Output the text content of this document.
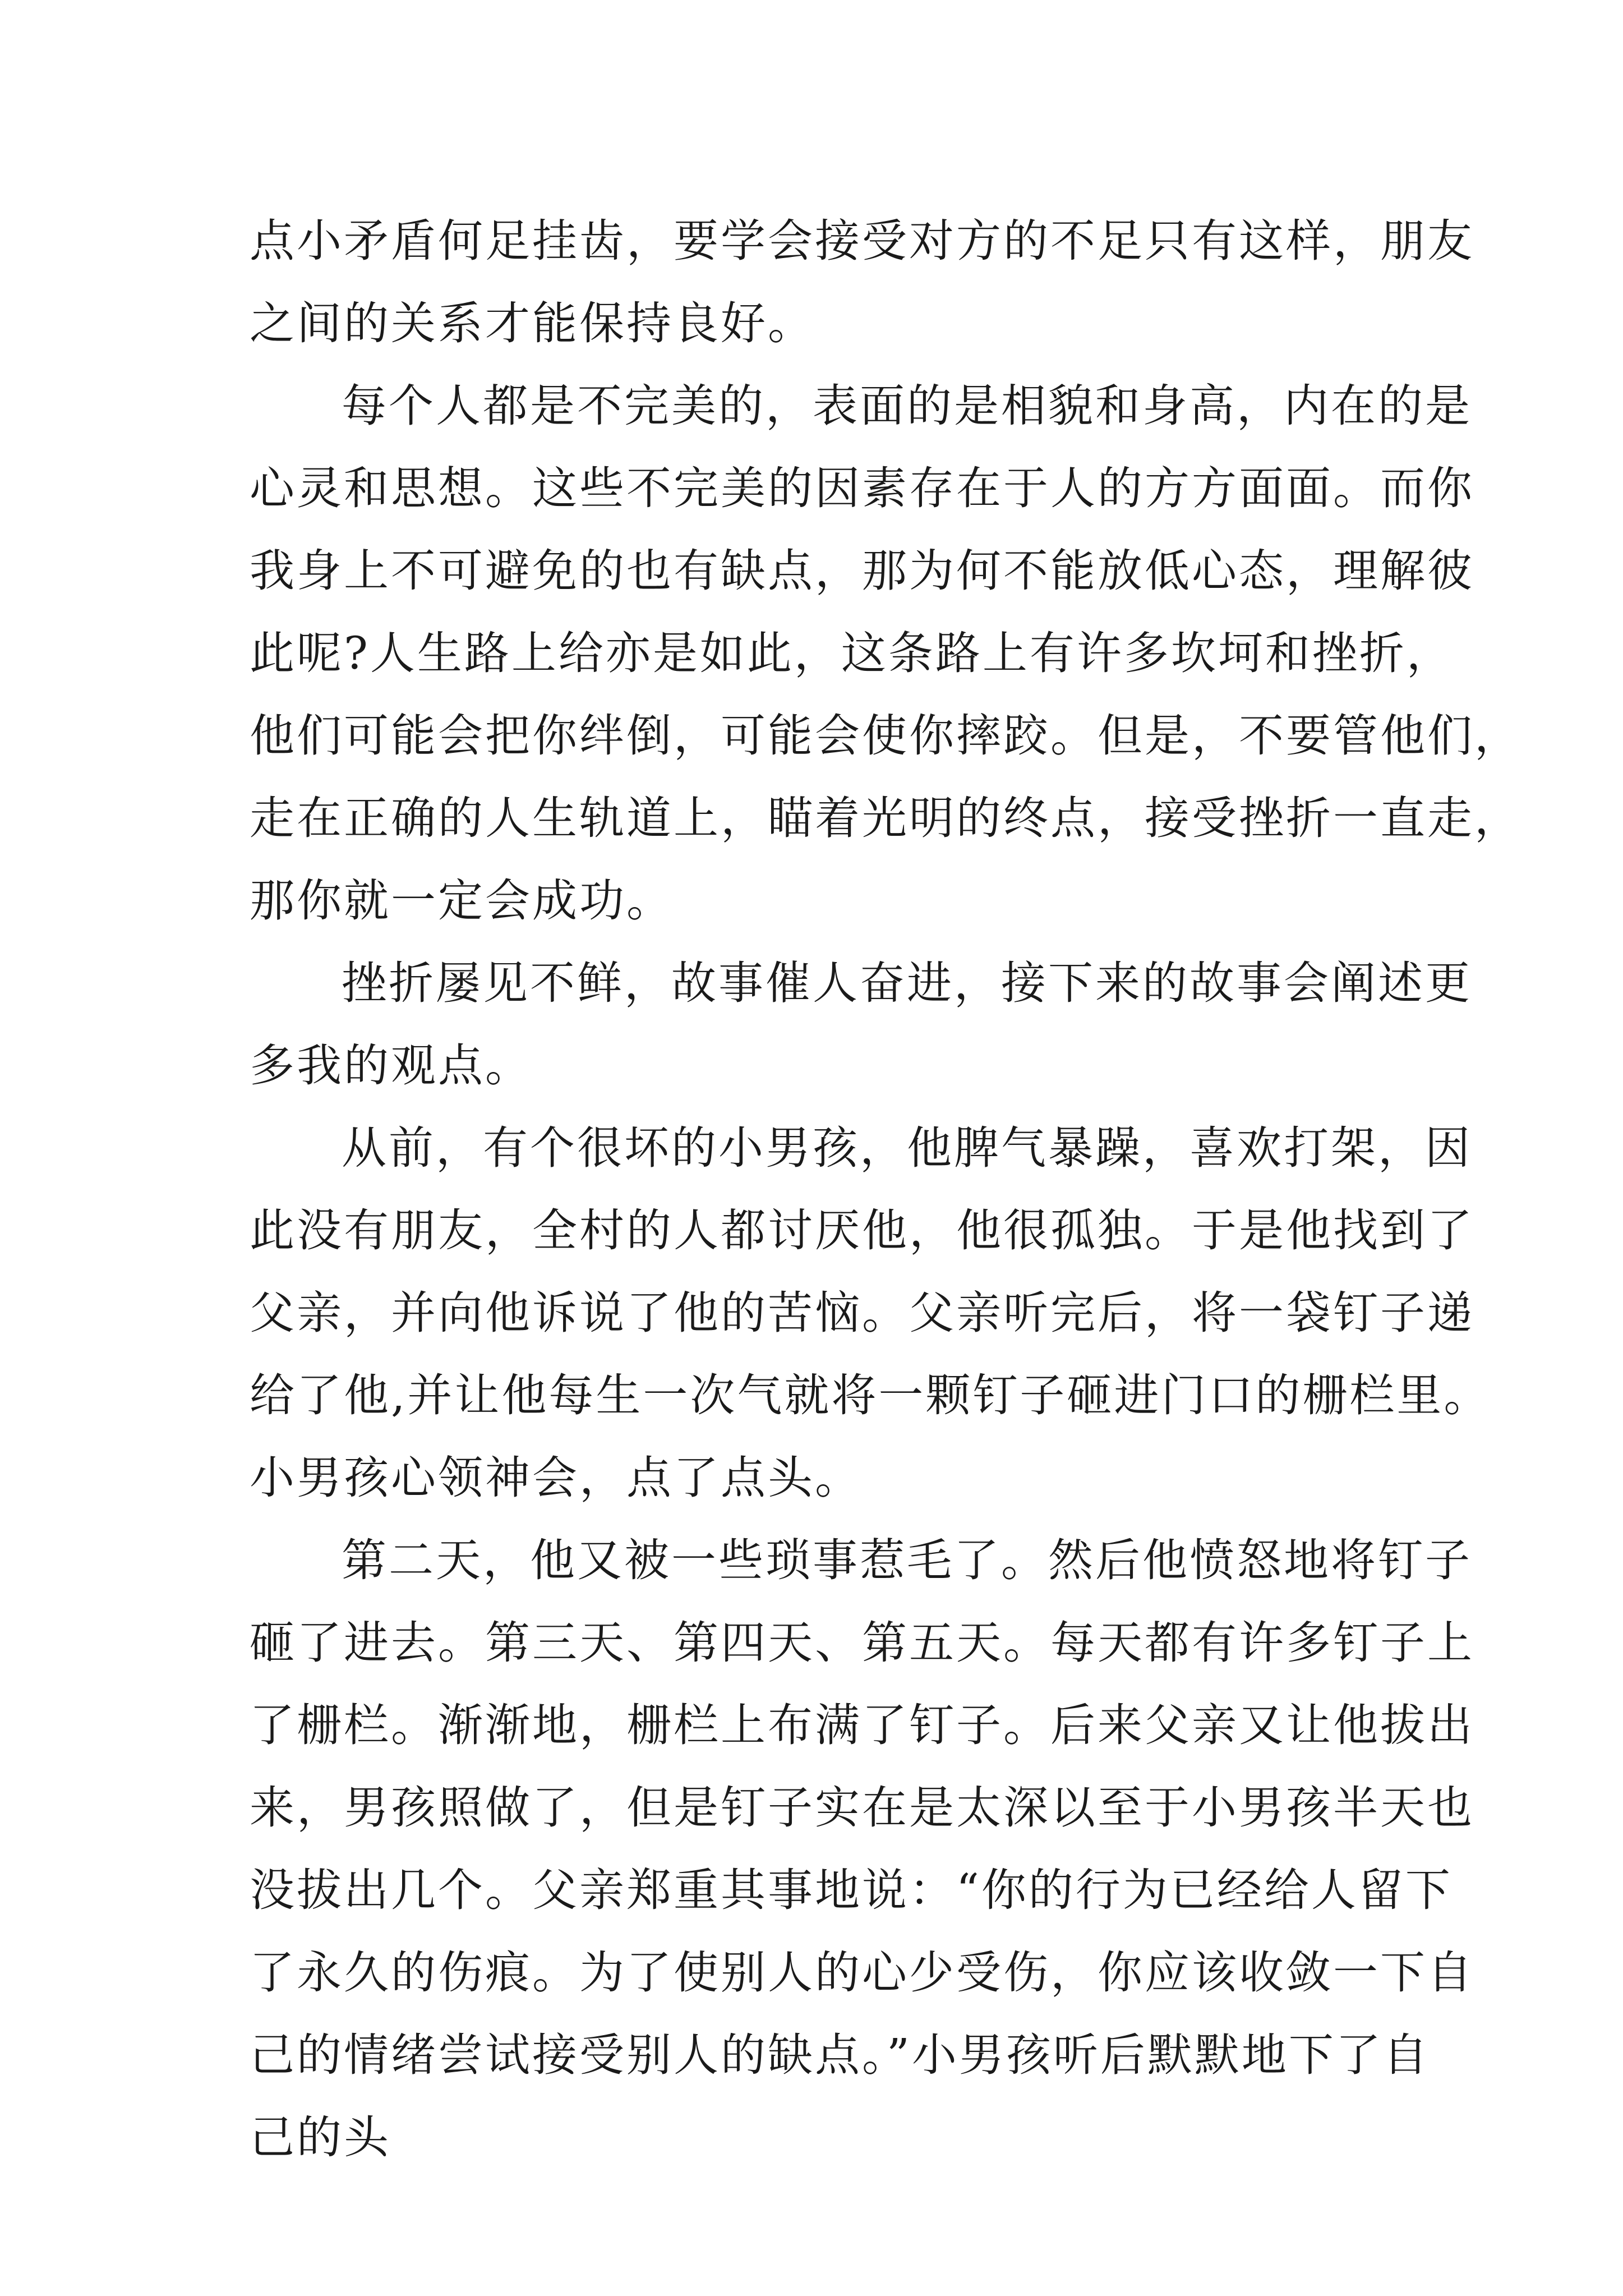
点小矛盾何足挂齿，要学会接受对方的不足只有这样，朋友
之间的关系才能保持良好。
每个人都是不完美的，表面的是相貌和身高，内在的是
心灵和思想。这些不完美的因素存在于人的方方面面。而你
我身上不可避免的也有缺点，那为何不能放低心态，理解彼
此呢?人生路上给亦是如此，这条路上有许多坎坷和挫折，
他们可能会把你绊倒，可能会使你摔跤。但是，不要管他们，
走在正确的人生轨道上，瞄着光明的终点，接受挫折一直走，
那你就一定会成功。
挫折屡见不鲜，故事催人奋进，接下来的故事会阐述更
多我的观点。
从前，有个很坏的小男孩，他脾气暴躁，喜欢打架，因
此没有朋友，全村的人都讨厌他，他很孤独。于是他找到了
父亲，并向他诉说了他的苦恼。父亲听完后，将一袋钉子递
给了他,并让他每生一次气就将一颗钉子砸进门口的栅栏里。
小男孩心领神会，点了点头。
第二天，他又被一些琐事惹毛了。然后他愤怒地将钉子
砸了进去。第三天、第四天、第五天。每天都有许多钉子上
了栅栏。渐渐地，栅栏上布满了钉子。后来父亲又让他拔出
来，男孩照做了，但是钉子实在是太深以至于小男孩半天也
没拔出几个。父亲郑重其事地说：“你的行为已经给人留下
了永久的伤痕。为了使别人的心少受伤，你应该收敛一下自
己的情绪尝试接受别人的缺点。”小男孩听后默默地下了自
己的头
